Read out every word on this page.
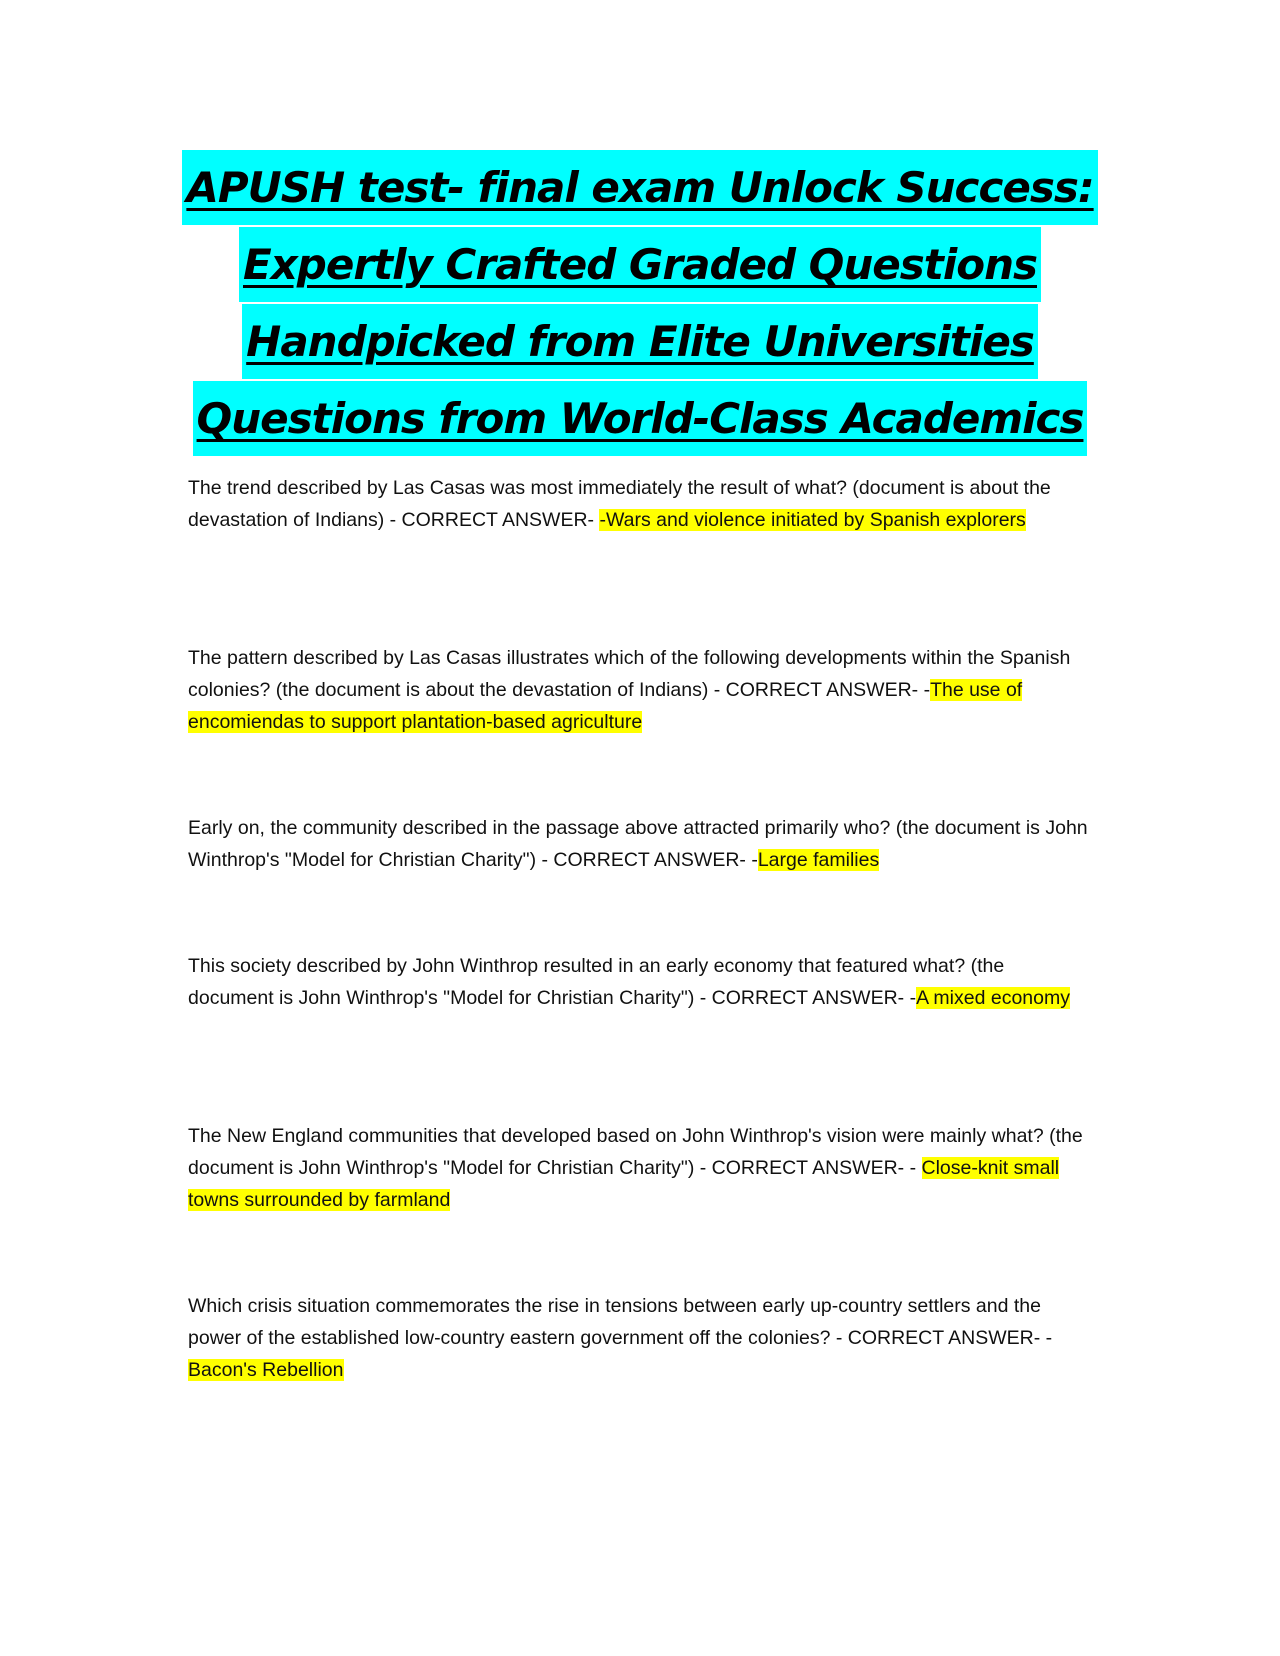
APUSH test- final exam Unlock Success:
Expertly Crafted Graded Questions
Handpicked from Elite Universities
Questions from World-Class Academics
The trend described by Las Casas was most immediately the result of what? (document is about the devastation of Indians) - CORRECT ANSWER- -Wars and violence initiated by Spanish explorers
The pattern described by Las Casas illustrates which of the following developments within the Spanish colonies? (the document is about the devastation of Indians) - CORRECT ANSWER- -The use of encomiendas to support plantation-based agriculture
Early on, the community described in the passage above attracted primarily who? (the document is John Winthrop's "Model for Christian Charity") - CORRECT ANSWER- -Large families
This society described by John Winthrop resulted in an early economy that featured what? (the document is John Winthrop's "Model for Christian Charity") - CORRECT ANSWER- -A mixed economy
The New England communities that developed based on John Winthrop's vision were mainly what? (the document is John Winthrop's "Model for Christian Charity") - CORRECT ANSWER- - Close-knit small towns surrounded by farmland
Which crisis situation commemorates the rise in tensions between early up-country settlers and the power of the established low-country eastern government off the colonies? - CORRECT ANSWER- -Bacon's Rebellion
